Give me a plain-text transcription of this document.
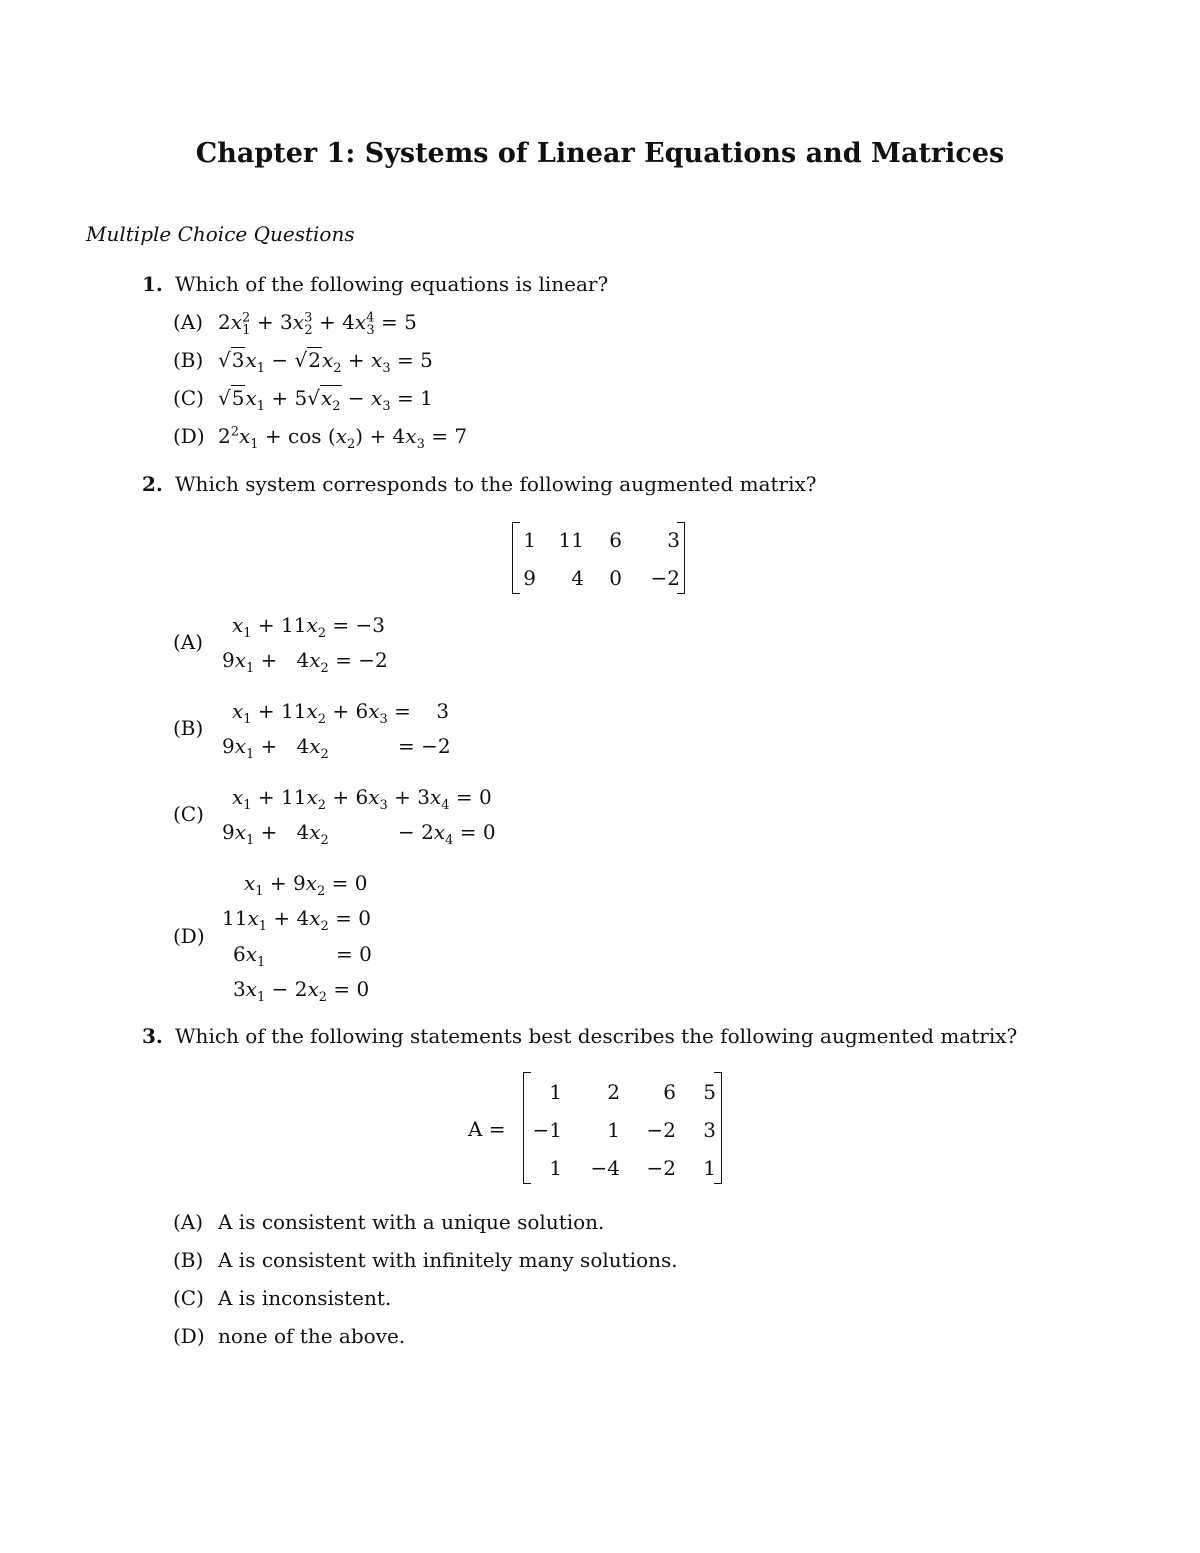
Chapter 1: Systems of Linear Equations and Matrices
Multiple Choice Questions
1. Which of the following equations is linear?
(A) $2x^2_1 + 3x^3_2 + 4x^4_3 = 5$
(B) $√3x_1 - √2x_2 + x_3 = 5$
(C) $√5x_1 + 5√x_2 - x_3 = 1$
(D) $2^2x_1 + \cos (x_2) + 4x_3 = 7$
2. Which system corresponds to the following augmented matrix?
1 11	6	3
9	4	0	−2
(A)
$x_1 + 11x_2 = -3$
$9x_1 + 4x_2 = -2$
(B)
$x_1 + 11x_2 + 6x_3$ =    3
$9x_1 + 4x_2$	= −2
(C)
$x_1 + 11x_2 + 6x_3 + 3x_4 = 0$
$9x_1 + 4x_2$	− $2x_4 = 0$
(D)
$x_1 + 9x_2 = 0$
$11x_1 + 4x_2 = 0$
$6x_1$	= 0
$3x_1 - 2x_2 = 0$
3. Which of the following statements best describes the following augmented matrix?
A =
1	2	6	5
−1	1	−2	3
1	−4	−2	1
(A) A is consistent with a unique solution.
(B) A is consistent with infinitely many solutions.
(C) A is inconsistent.
(D) none of the above.
